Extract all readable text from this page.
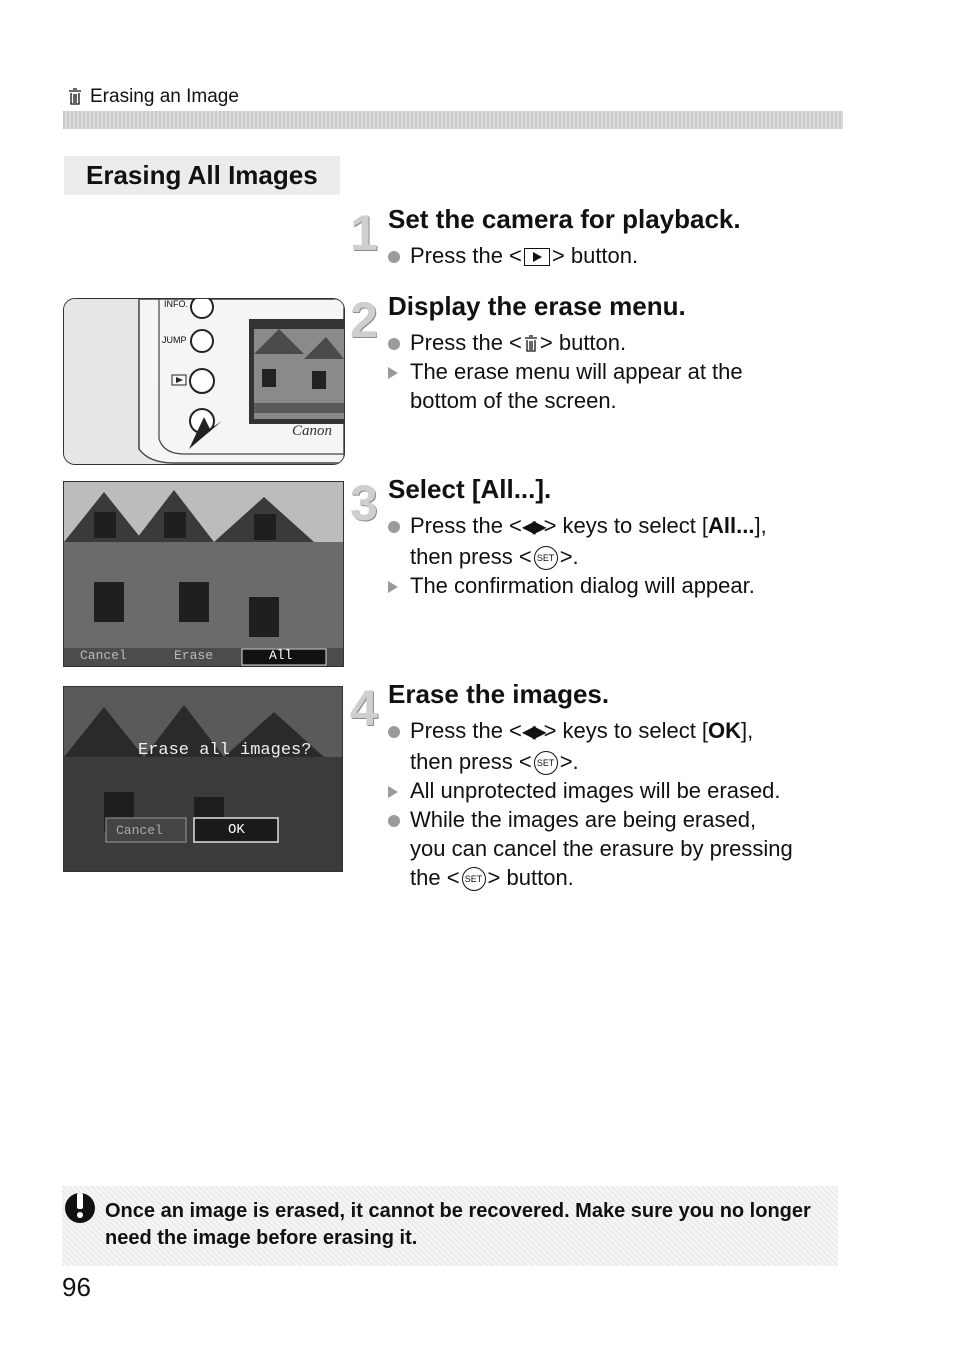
Erasing an Image
Erasing All Images
1 Set the camera for playback.
Press the < > button.
INFO.
JUMP
Canon
2 Display the erase menu.
Press the < > button.
The erase menu will appear at the
bottom of the screen.
Cancel	Erase	All
3 Select [All...].
Press the <◀▶> keys to select [All...],
then press < SET >.
The confirmation dialog will appear.
Erase all images?
Cancel	OK
4 Erase the images.
Press the <◀▶> keys to select [OK],
then press < SET >.
All unprotected images will be erased.
While the images are being erased,
you can cancel the erasure by pressing
the < SET > button.
Once an image is erased, it cannot be recovered. Make sure you no longer need the image before erasing it.
96
